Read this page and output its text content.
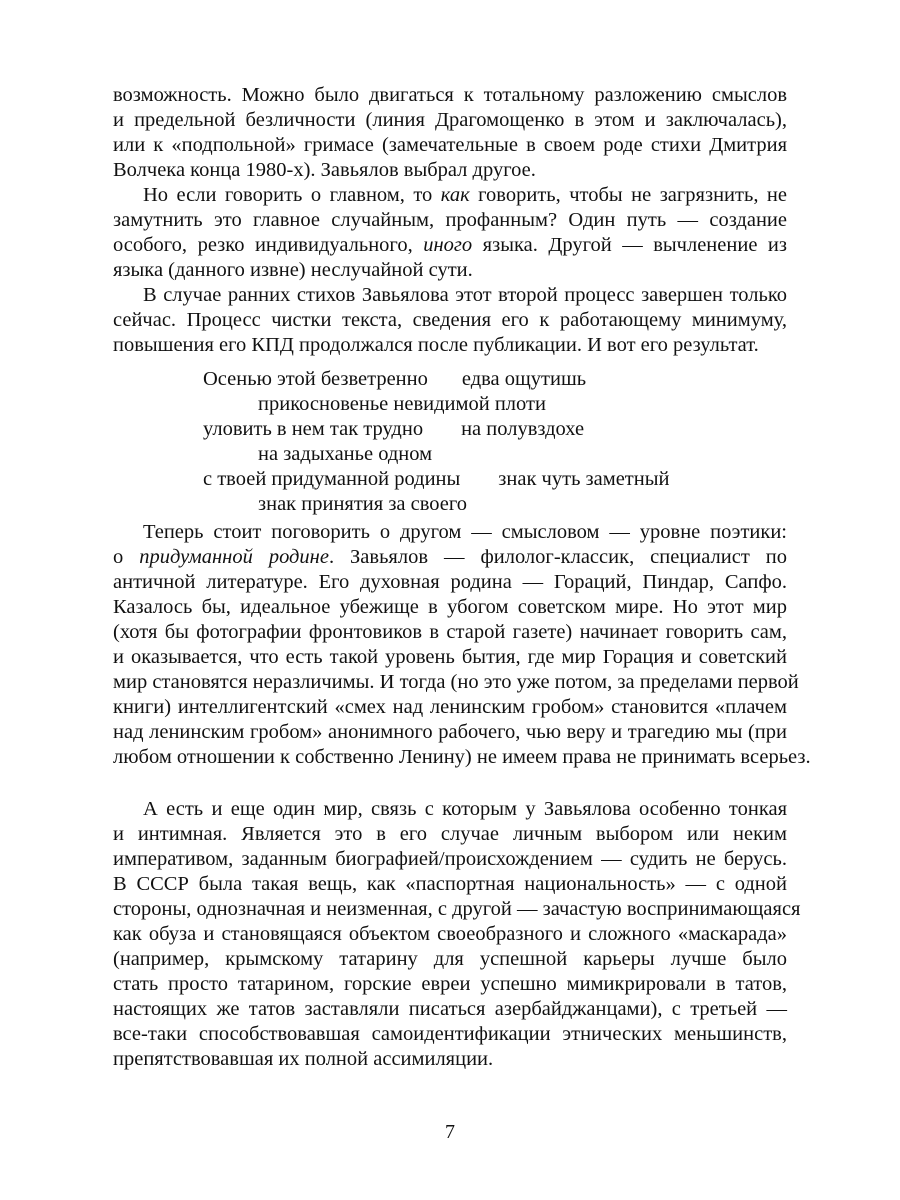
возможность. Можно было двигаться к тотальному разложению смыслов
и предельной безличности (линия Драгомощенко в этом и заключалась),
или к «подпольной» гримасе (замечательные в своем роде стихи Дмитрия
Волчека конца 1980-х). Завьялов выбрал другое.
Но если говорить о главном, то как говорить, чтобы не загрязнить, не
замутнить это главное случайным, профанным? Один путь — создание
особого, резко индивидуального, иного языка. Другой — вычленение из
языка (данного извне) неслучайной сути.
В случае ранних стихов Завьялова этот второй процесс завершен только
сейчас. Процесс чистки текста, сведения его к работающему минимуму,
повышения его КПД продолжался после публикации. И вот его результат.
Осенью этой безветренно едва ощутишь
прикосновенье невидимой плоти
уловить в нем так трудно на полувздохе
на задыханье одном
с твоей придуманной родины знак чуть заметный
знак принятия за своего
Теперь стоит поговорить о другом — смысловом — уровне поэтики:
о придуманной родине. Завьялов — филолог-классик, специалист по
античной литературе. Его духовная родина — Гораций, Пиндар, Сапфо.
Казалось бы, идеальное убежище в убогом советском мире. Но этот мир
(хотя бы фотографии фронтовиков в старой газете) начинает говорить сам,
и оказывается, что есть такой уровень бытия, где мир Горация и советский
мир становятся неразличимы. И тогда (но это уже потом, за пределами первой
книги) интеллигентский «смех над ленинским гробом» становится «плачем
над ленинским гробом» анонимного рабочего, чью веру и трагедию мы (при
любом отношении к собственно Ленину) не имеем права не принимать всерьез.
А есть и еще один мир, связь с которым у Завьялова особенно тонкая
и интимная. Является это в его случае личным выбором или неким
императивом, заданным биографией/происхождением — судить не берусь.
В СССР была такая вещь, как «паспортная национальность» — с одной
стороны, однозначная и неизменная, с другой — зачастую воспринимающаяся
как обуза и становящаяся объектом своеобразного и сложного «маскарада»
(например, крымскому татарину для успешной карьеры лучше было
стать просто татарином, горские евреи успешно мимикрировали в татов,
настоящих же татов заставляли писаться азербайджанцами), с третьей —
все-таки способствовавшая самоидентификации этнических меньшинств,
препятствовавшая их полной ассимиляции.
7
